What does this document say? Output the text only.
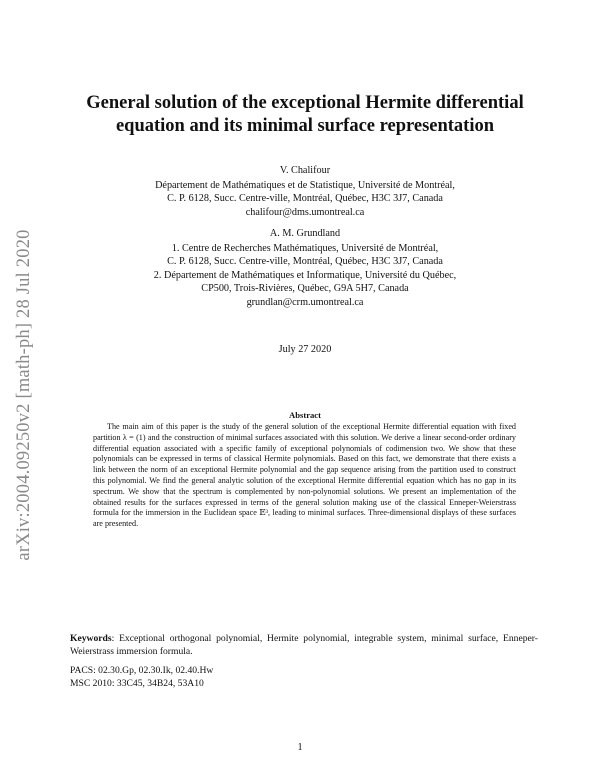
arXiv:2004.09250v2 [math-ph] 28 Jul 2020
General solution of the exceptional Hermite differential
equation and its minimal surface representation
V. Chalifour
Département de Mathématiques et de Statistique, Université de Montréal,
C. P. 6128, Succ. Centre-ville, Montréal, Québec, H3C 3J7, Canada
chalifour@dms.umontreal.ca
A. M. Grundland
1. Centre de Recherches Mathématiques, Université de Montréal,
C. P. 6128, Succ. Centre-ville, Montréal, Québec, H3C 3J7, Canada
2. Département de Mathématiques et Informatique, Université du Québec,
CP500, Trois-Rivières, Québec, G9A 5H7, Canada
grundlan@crm.umontreal.ca
July 27 2020
Abstract

The main aim of this paper is the study of the general solution of the exceptional Hermite differential equation with fixed partition λ = (1) and the construction of minimal surfaces associated with this solution. We derive a linear second-order ordinary differential equation associated with a specific family of exceptional polynomials of codimension two. We show that these polynomials can be expressed in terms of classical Hermite polynomials. Based on this fact, we demonstrate that there exists a link between the norm of an exceptional Hermite polynomial and the gap sequence arising from the partition used to construct this polynomial. We find the general analytic solution of the exceptional Hermite differential equation which has no gap in its spectrum. We show that the spectrum is complemented by non-polynomial solutions. We present an implementation of the obtained results for the surfaces expressed in terms of the general solution making use of the classical Enneper-Weierstrass formula for the immersion in the Euclidean space 𝔼³, leading to minimal surfaces. Three-dimensional displays of these surfaces are presented.

Keywords: Exceptional orthogonal polynomial, Hermite polynomial, integrable system, minimal surface, Enneper-Weierstrass immersion formula.

PACS: 02.30.Gp, 02.30.Ik, 02.40.Hw
MSC 2010: 33C45, 34B24, 53A10
1
